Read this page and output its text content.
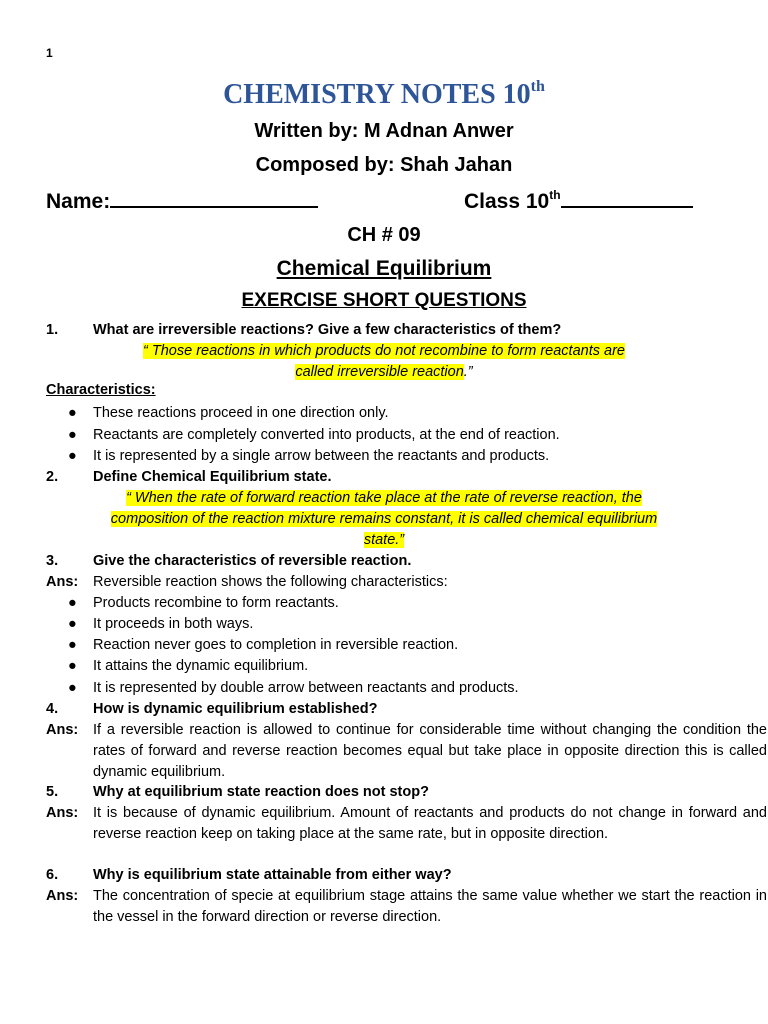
1
CHEMISTRY NOTES 10th
Written by: M Adnan Anwer
Composed by: Shah Jahan
Name:	Class 10th
CH # 09
Chemical Equilibrium
EXERCISE SHORT QUESTIONS
1. What are irreversible reactions? Give a few characteristics of them?
“ Those reactions in which products do not recombine to form reactants are
called irreversible reaction.”
Characteristics:
● These reactions proceed in one direction only.
● Reactants are completely converted into products, at the end of reaction.
● It is represented by a single arrow between the reactants and products.
2. Define Chemical Equilibrium state.
“ When the rate of forward reaction take place at the rate of reverse reaction, the
composition of the reaction mixture remains constant, it is called chemical equilibrium
state.”
3. Give the characteristics of reversible reaction.
Ans: Reversible reaction shows the following characteristics:
● Products recombine to form reactants.
● It proceeds in both ways.
● Reaction never goes to completion in reversible reaction.
● It attains the dynamic equilibrium.
● It is represented by double arrow between reactants and products.
4. How is dynamic equilibrium established?
Ans: If a reversible reaction is allowed to continue for considerable time without changing the condition the rates of forward and reverse reaction becomes equal but take place in opposite direction this is called dynamic equilibrium.
5. Why at equilibrium state reaction does not stop?
Ans: It is because of dynamic equilibrium. Amount of reactants and products do not change in forward and reverse reaction keep on taking place at the same rate, but in opposite direction.
6. Why is equilibrium state attainable from either way?
Ans: The concentration of specie at equilibrium stage attains the same value whether we start the reaction in the vessel in the forward direction or reverse direction.
